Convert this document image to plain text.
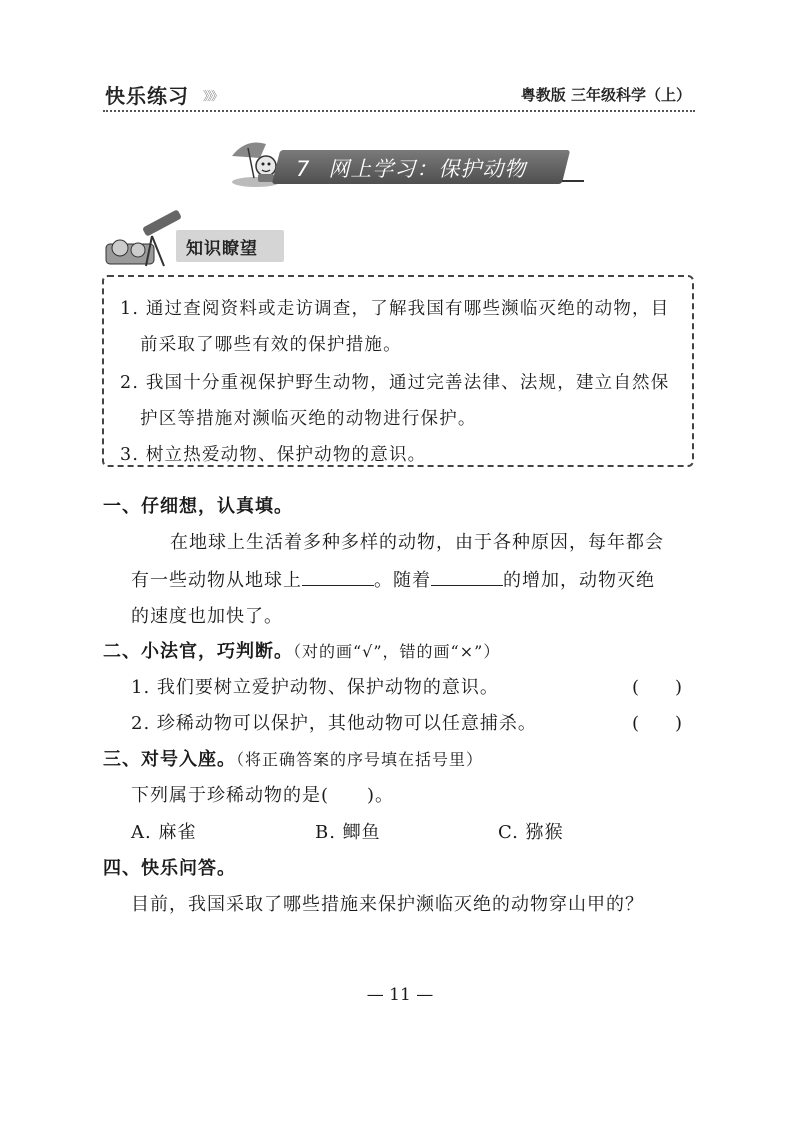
快乐练习 》》》	粤教版 三年级科学（上）
7 网上学习：保护动物
知识瞭望
1. 通过查阅资料或走访调查，了解我国有哪些濒临灭绝的动物，目
前采取了哪些有效的保护措施。
2. 我国十分重视保护野生动物，通过完善法律、法规，建立自然保
护区等措施对濒临灭绝的动物进行保护。
3. 树立热爱动物、保护动物的意识。
一、仔细想，认真填。
在地球上生活着多种多样的动物，由于各种原因，每年都会
有一些动物从地球上	。随着	的增加，动物灭绝
的速度也加快了。
二、小法官，巧判断。（对的画“√”，错的画“×”）
1. 我们要树立爱护动物、保护动物的意识。	(　　)
2. 珍稀动物可以保护，其他动物可以任意捕杀。	(　　)
三、对号入座。（将正确答案的序号填在括号里）
下列属于珍稀动物的是(　　)。
A. 麻雀	B. 鲫鱼	C. 猕猴
四、快乐问答。
目前，我国采取了哪些措施来保护濒临灭绝的动物穿山甲的？
— 11 —
